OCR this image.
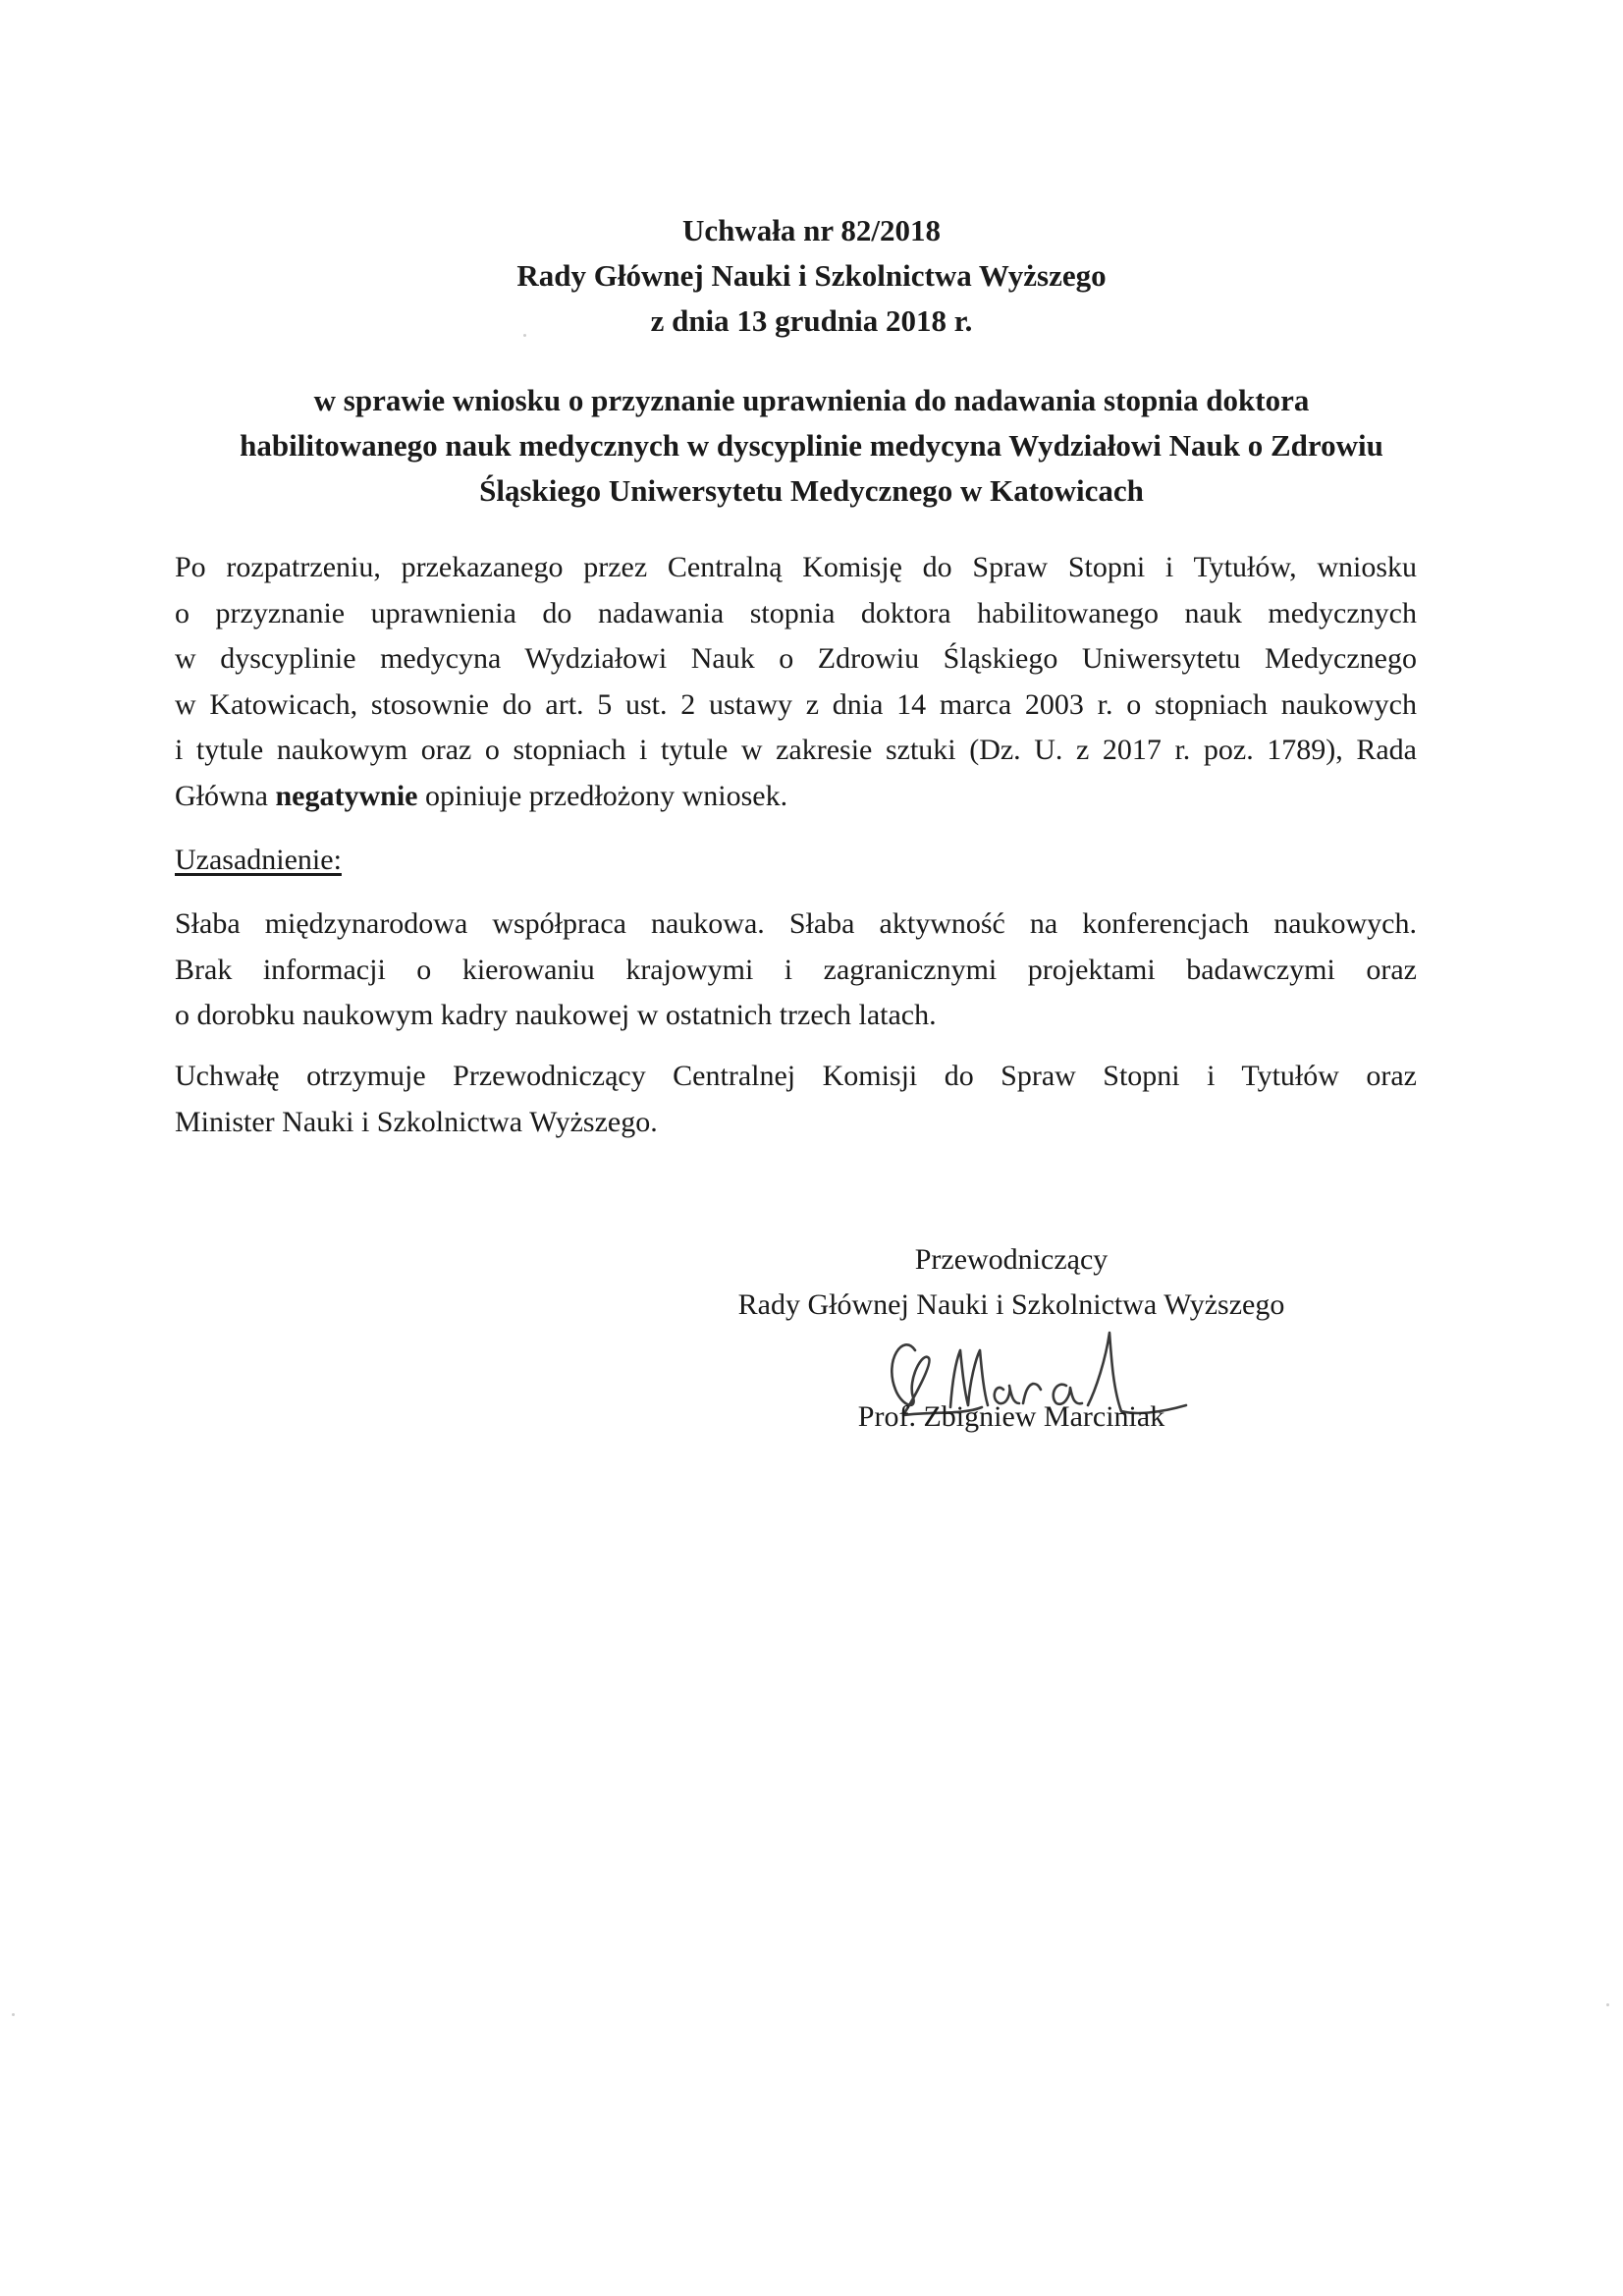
Uchwała nr 82/2018
Rady Głównej Nauki i Szkolnictwa Wyższego
z dnia 13 grudnia 2018 r.
w sprawie wniosku o przyznanie uprawnienia do nadawania stopnia doktora
habilitowanego nauk medycznych w dyscyplinie medycyna Wydziałowi Nauk o Zdrowiu
Śląskiego Uniwersytetu Medycznego w Katowicach
Po rozpatrzeniu, przekazanego przez Centralną Komisję do Spraw Stopni i Tytułów, wniosku
o przyznanie uprawnienia do nadawania stopnia doktora habilitowanego nauk medycznych
w dyscyplinie medycyna Wydziałowi Nauk o Zdrowiu Śląskiego Uniwersytetu Medycznego
w Katowicach, stosownie do art. 5 ust. 2 ustawy z dnia 14 marca 2003 r. o stopniach naukowych
i tytule naukowym oraz o stopniach i tytule w zakresie sztuki (Dz. U. z 2017 r. poz. 1789), Rada
Główna negatywnie opiniuje przedłożony wniosek.
Uzasadnienie:
Słaba międzynarodowa współpraca naukowa. Słaba aktywność na konferencjach naukowych.
Brak informacji o kierowaniu krajowymi i zagranicznymi projektami badawczymi oraz
o dorobku naukowym kadry naukowej w ostatnich trzech latach.
Uchwałę otrzymuje Przewodniczący Centralnej Komisji do Spraw Stopni i Tytułów oraz
Minister Nauki i Szkolnictwa Wyższego.
Przewodniczący
Rady Głównej Nauki i Szkolnictwa Wyższego
Prof. Zbigniew Marciniak
